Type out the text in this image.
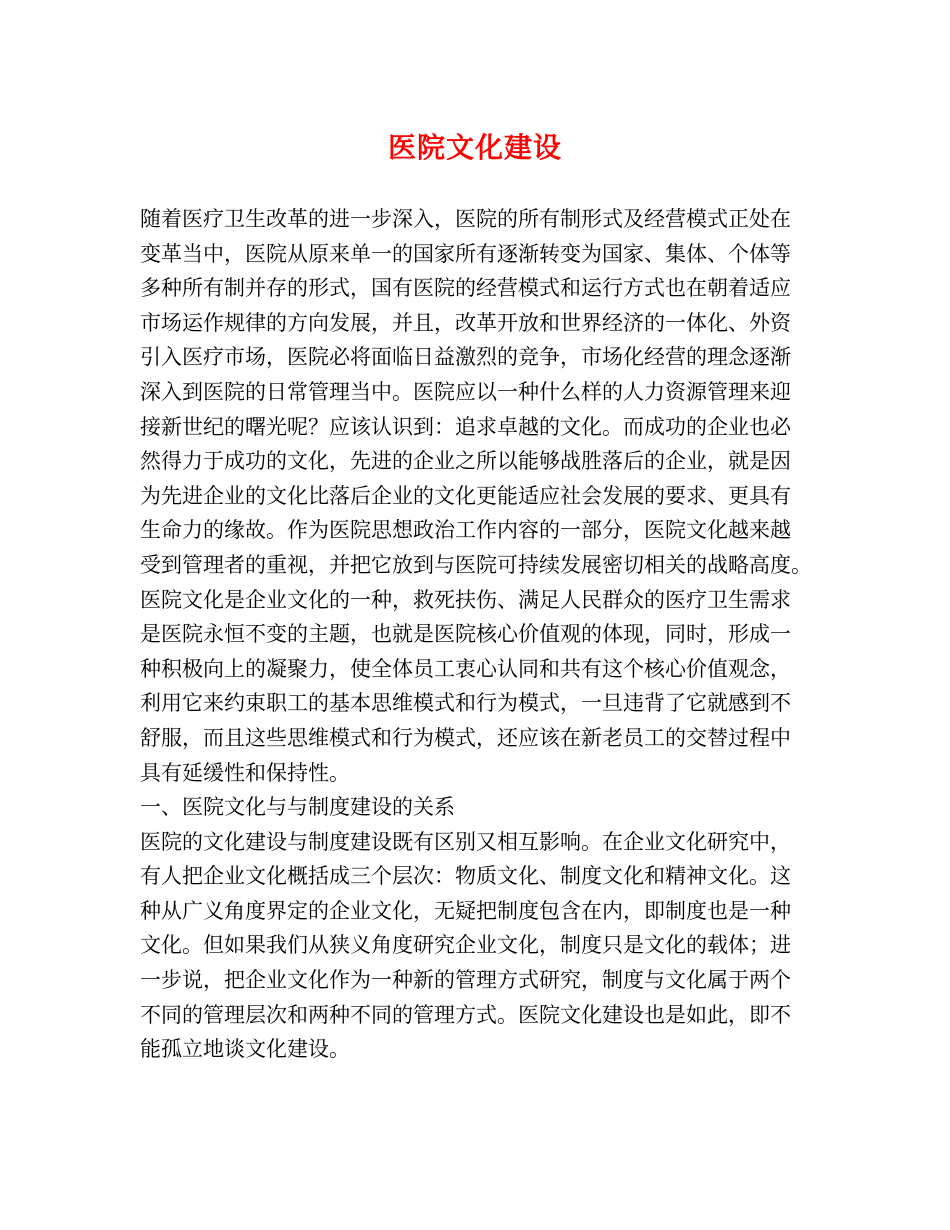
医院文化建设
随着医疗卫生改革的进一步深入，医院的所有制形式及经营模式正处在
变革当中，医院从原来单一的国家所有逐渐转变为国家、集体、个体等
多种所有制并存的形式，国有医院的经营模式和运行方式也在朝着适应
市场运作规律的方向发展，并且，改革开放和世界经济的一体化、外资
引入医疗市场，医院必将面临日益激烈的竞争，市场化经营的理念逐渐
深入到医院的日常管理当中。医院应以一种什么样的人力资源管理来迎
接新世纪的曙光呢？应该认识到：追求卓越的文化。而成功的企业也必
然得力于成功的文化，先进的企业之所以能够战胜落后的企业，就是因
为先进企业的文化比落后企业的文化更能适应社会发展的要求、更具有
生命力的缘故。作为医院思想政治工作内容的一部分，医院文化越来越
受到管理者的重视，并把它放到与医院可持续发展密切相关的战略高度。
医院文化是企业文化的一种，救死扶伤、满足人民群众的医疗卫生需求
是医院永恒不变的主题，也就是医院核心价值观的体现，同时，形成一
种积极向上的凝聚力，使全体员工衷心认同和共有这个核心价值观念，
利用它来约束职工的基本思维模式和行为模式，一旦违背了它就感到不
舒服，而且这些思维模式和行为模式，还应该在新老员工的交替过程中
具有延缓性和保持性。
一、医院文化与与制度建设的关系
医院的文化建设与制度建设既有区别又相互影响。在企业文化研究中，
有人把企业文化概括成三个层次：物质文化、制度文化和精神文化。这
种从广义角度界定的企业文化，无疑把制度包含在内，即制度也是一种
文化。但如果我们从狭义角度研究企业文化，制度只是文化的载体；进
一步说，把企业文化作为一种新的管理方式研究，制度与文化属于两个
不同的管理层次和两种不同的管理方式。医院文化建设也是如此，即不
能孤立地谈文化建设。
